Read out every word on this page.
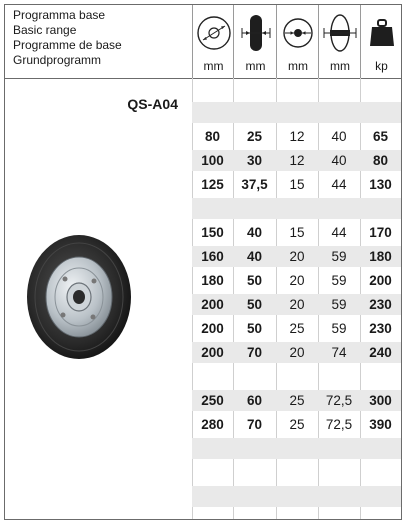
Programma base
Basic range
Programme de base
Grundprogramm	mm	mm	mm	mm	kp
QS-A04
80	25	12	40	65
100	30	12	40	80
125	37,5	15	44	130
150	40	15	44	170
160	40	20	59	180
180	50	20	59	200
200	50	20	59	230
200	50	25	59	230
200	70	20	74	240
250	60	25	72,5	300
280	70	25	72,5	390
